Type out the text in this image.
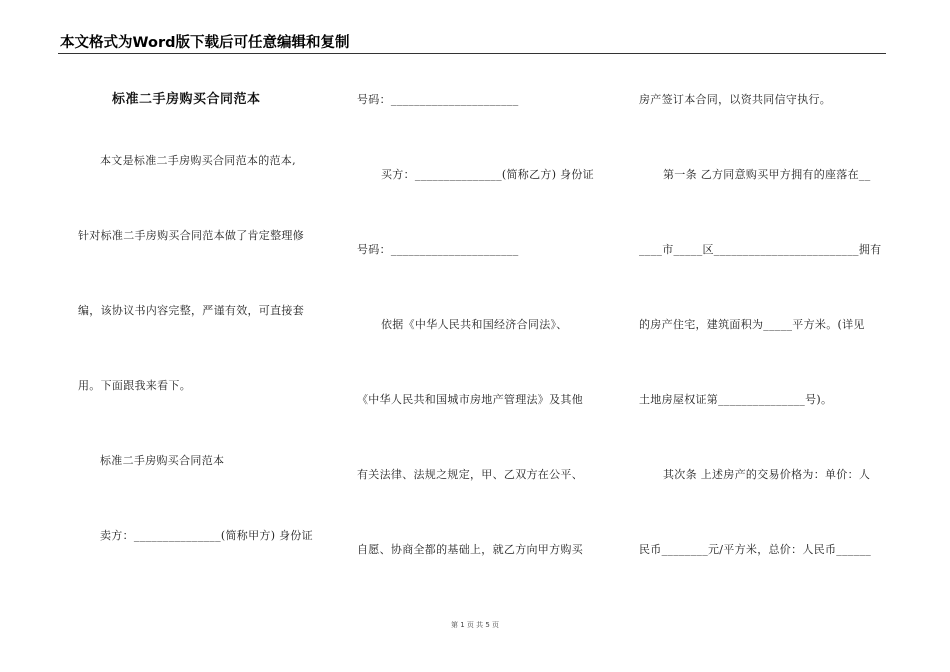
本文格式为Word版下载后可任意编辑和复制
标准二手房购买合同范本
本文是标准二手房购买合同范本的范本,
针对标准二手房购买合同范本做了肯定整理修
编，该协议书内容完整，严谨有效，可直接套
用。下面跟我来看下。
标准二手房购买合同范本
卖方：_______________(简称甲方) 身份证
号码：______________________
买方：_______________(简称乙方) 身份证
号码：______________________
依据《中华人民共和国经济合同法》、
《中华人民共和国城市房地产管理法》及其他
有关法律、法规之规定，甲、乙双方在公平、
自愿、协商全都的基础上，就乙方向甲方购买
房产签订本合同，以资共同信守执行。
第一条 乙方同意购买甲方拥有的座落在__
____市_____区_________________________拥有
的房产住宅，建筑面积为_____平方米。(详见
土地房屋权证第_______________号)。
其次条 上述房产的交易价格为：单价：人
民币________元/平方米，总价：人民币______
第 1 页 共 5 页
